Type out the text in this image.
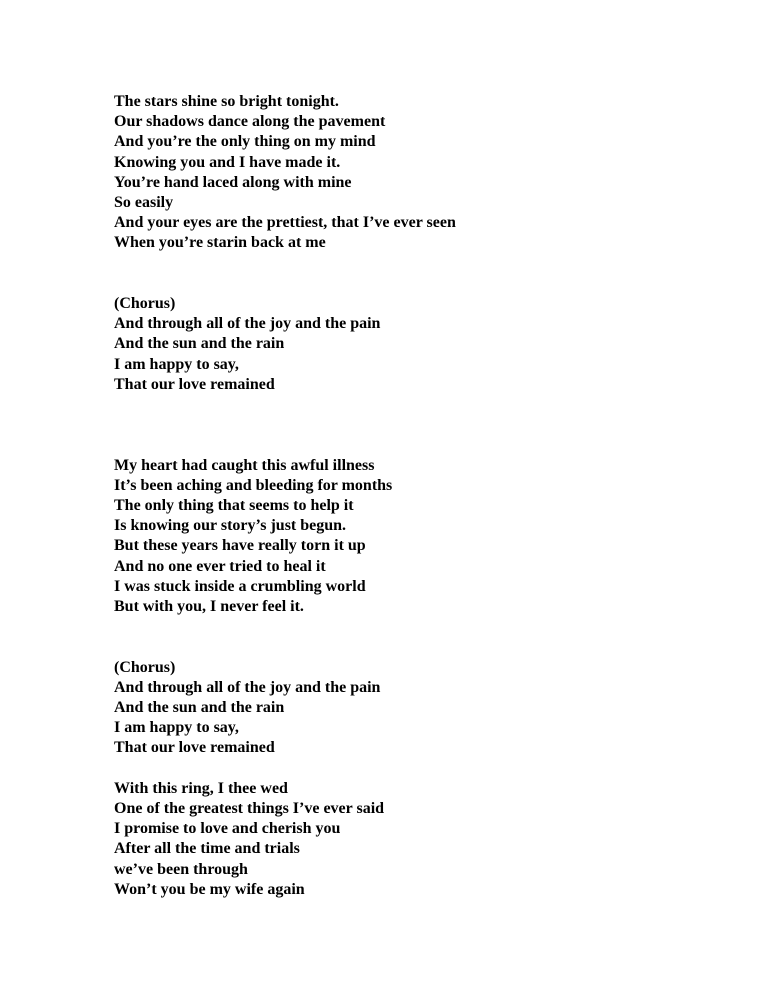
The stars shine so bright tonight.
Our shadows dance along the pavement
And you’re the only thing on my mind
Knowing you and I have made it.
You’re hand laced along with mine
So easily
And your eyes are the prettiest, that I’ve ever seen
When you’re starin back at me
(Chorus)
And through all of the joy and the pain
And the sun and the rain
I am happy to say,
That our love remained
My heart had caught this awful illness
It’s been aching and bleeding for months
The only thing that seems to help it
Is knowing our story’s just begun.
But these years have really torn it up
And no one ever tried to heal it
I was stuck inside a crumbling world
But with you, I never feel it.
(Chorus)
And through all of the joy and the pain
And the sun and the rain
I am happy to say,
That our love remained
With this ring, I thee wed
One of the greatest things I’ve ever said
I promise to love and cherish you
After all the time and trials
we’ve been through
Won’t you be my wife again
